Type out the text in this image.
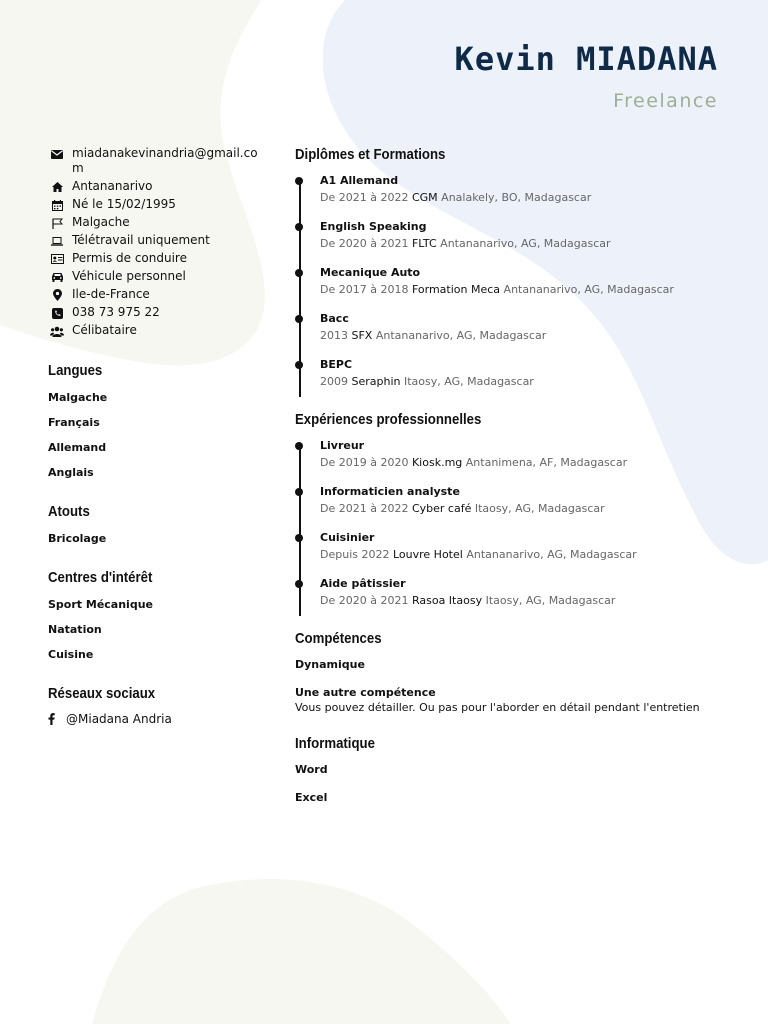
Kevin MIADANA
Freelance
miadanakevinandria@gmail.com
Antananarivo
Né le 15/02/1995
Malgache
Télétravail uniquement
Permis de conduire
Véhicule personnel
Ile-de-France
038 73 975 22
Célibataire
Langues
Malgache
Français
Allemand
Anglais
Atouts
Bricolage
Centres d'intérêt
Sport Mécanique
Natation
Cuisine
Réseaux sociaux
@Miadana Andria
Diplômes et Formations
A1 Allemand
De 2021 à 2022 CGM Analakely, BO, Madagascar
English Speaking
De 2020 à 2021 FLTC Antananarivo, AG, Madagascar
Mecanique Auto
De 2017 à 2018 Formation Meca Antananarivo, AG, Madagascar
Bacc
2013 SFX Antananarivo, AG, Madagascar
BEPC
2009 Seraphin Itaosy, AG, Madagascar
Expériences professionnelles
Livreur
De 2019 à 2020 Kiosk.mg Antanimena, AF, Madagascar
Informaticien analyste
De 2021 à 2022 Cyber café Itaosy, AG, Madagascar
Cuisinier
Depuis 2022 Louvre Hotel Antananarivo, AG, Madagascar
Aide pâtissier
De 2020 à 2021 Rasoa Itaosy Itaosy, AG, Madagascar
Compétences
Dynamique
Une autre compétence
Vous pouvez détailler. Ou pas pour l'aborder en détail pendant l'entretien
Informatique
Word
Excel
